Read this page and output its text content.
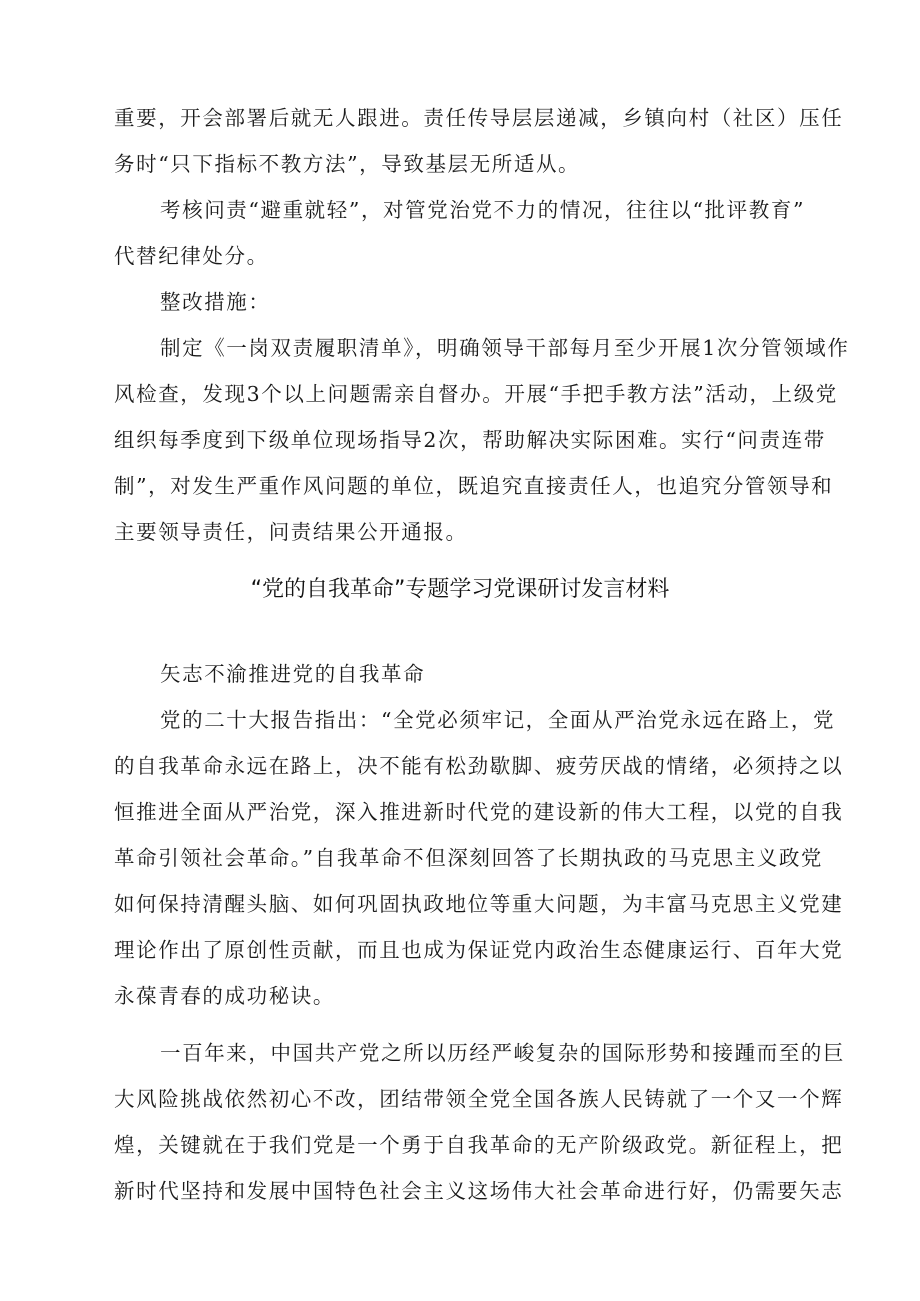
重要，开会部署后就无人跟进。责任传导层层递减，乡镇向村（社区）压任
务时“只下指标不教方法”，导致基层无所适从。
考核问责“避重就轻”，对管党治党不力的情况，往往以“批评教育”
代替纪律处分。
整改措施：
制定《一岗双责履职清单》，明确领导干部每月至少开展1次分管领域作
风检查，发现3个以上问题需亲自督办。开展“手把手教方法”活动，上级党
组织每季度到下级单位现场指导2次，帮助解决实际困难。实行“问责连带
制”，对发生严重作风问题的单位，既追究直接责任人，也追究分管领导和
主要领导责任，问责结果公开通报。
“党的自我革命”专题学习党课研讨发言材料
矢志不渝推进党的自我革命
党的二十大报告指出：“全党必须牢记，全面从严治党永远在路上，党
的自我革命永远在路上，决不能有松劲歇脚、疲劳厌战的情绪，必须持之以
恒推进全面从严治党，深入推进新时代党的建设新的伟大工程，以党的自我
革命引领社会革命。”自我革命不但深刻回答了长期执政的马克思主义政党
如何保持清醒头脑、如何巩固执政地位等重大问题，为丰富马克思主义党建
理论作出了原创性贡献，而且也成为保证党内政治生态健康运行、百年大党
永葆青春的成功秘诀。
一百年来，中国共产党之所以历经严峻复杂的国际形势和接踵而至的巨
大风险挑战依然初心不改，团结带领全党全国各族人民铸就了一个又一个辉
煌，关键就在于我们党是一个勇于自我革命的无产阶级政党。新征程上，把
新时代坚持和发展中国特色社会主义这场伟大社会革命进行好，仍需要矢志
